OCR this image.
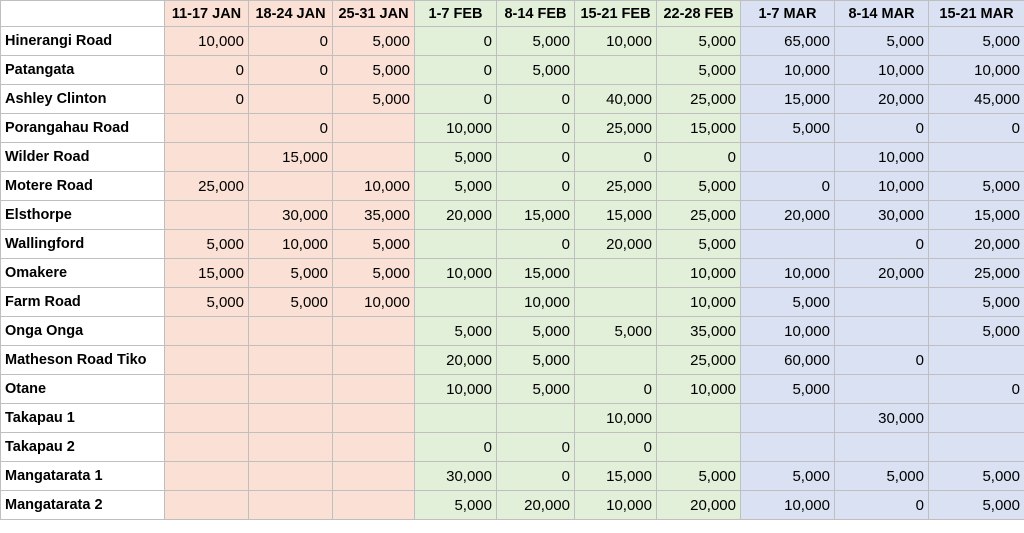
	11-17 JAN	18-24 JAN	25-31 JAN	1-7 FEB	8-14 FEB	15-21 FEB	22-28 FEB	1-7 MAR	8-14 MAR	15-21 MAR
Hinerangi Road	10,000	0	5,000	0	5,000	10,000	5,000	65,000	5,000	5,000
Patangata	0	0	5,000	0	5,000		5,000	10,000	10,000	10,000
Ashley Clinton	0		5,000	0	0	40,000	25,000	15,000	20,000	45,000
Porangahau Road		0		10,000	0	25,000	15,000	5,000	0	0
Wilder Road		15,000		5,000	0	0	0		10,000	
Motere Road	25,000		10,000	5,000	0	25,000	5,000	0	10,000	5,000
Elsthorpe		30,000	35,000	20,000	15,000	15,000	25,000	20,000	30,000	15,000
Wallingford	5,000	10,000	5,000		0	20,000	5,000		0	20,000
Omakere	15,000	5,000	5,000	10,000	15,000		10,000	10,000	20,000	25,000
Farm Road	5,000	5,000	10,000		10,000		10,000	5,000		5,000
Onga Onga				5,000	5,000	5,000	35,000	10,000		5,000
Matheson Road Tiko				20,000	5,000		25,000	60,000	0	
Otane				10,000	5,000	0	10,000	5,000		0
Takapau 1						10,000			30,000	
Takapau 2				0	0	0				
Mangatarata 1				30,000	0	15,000	5,000	5,000	5,000	5,000
Mangatarata 2				5,000	20,000	10,000	20,000	10,000	0	5,000
